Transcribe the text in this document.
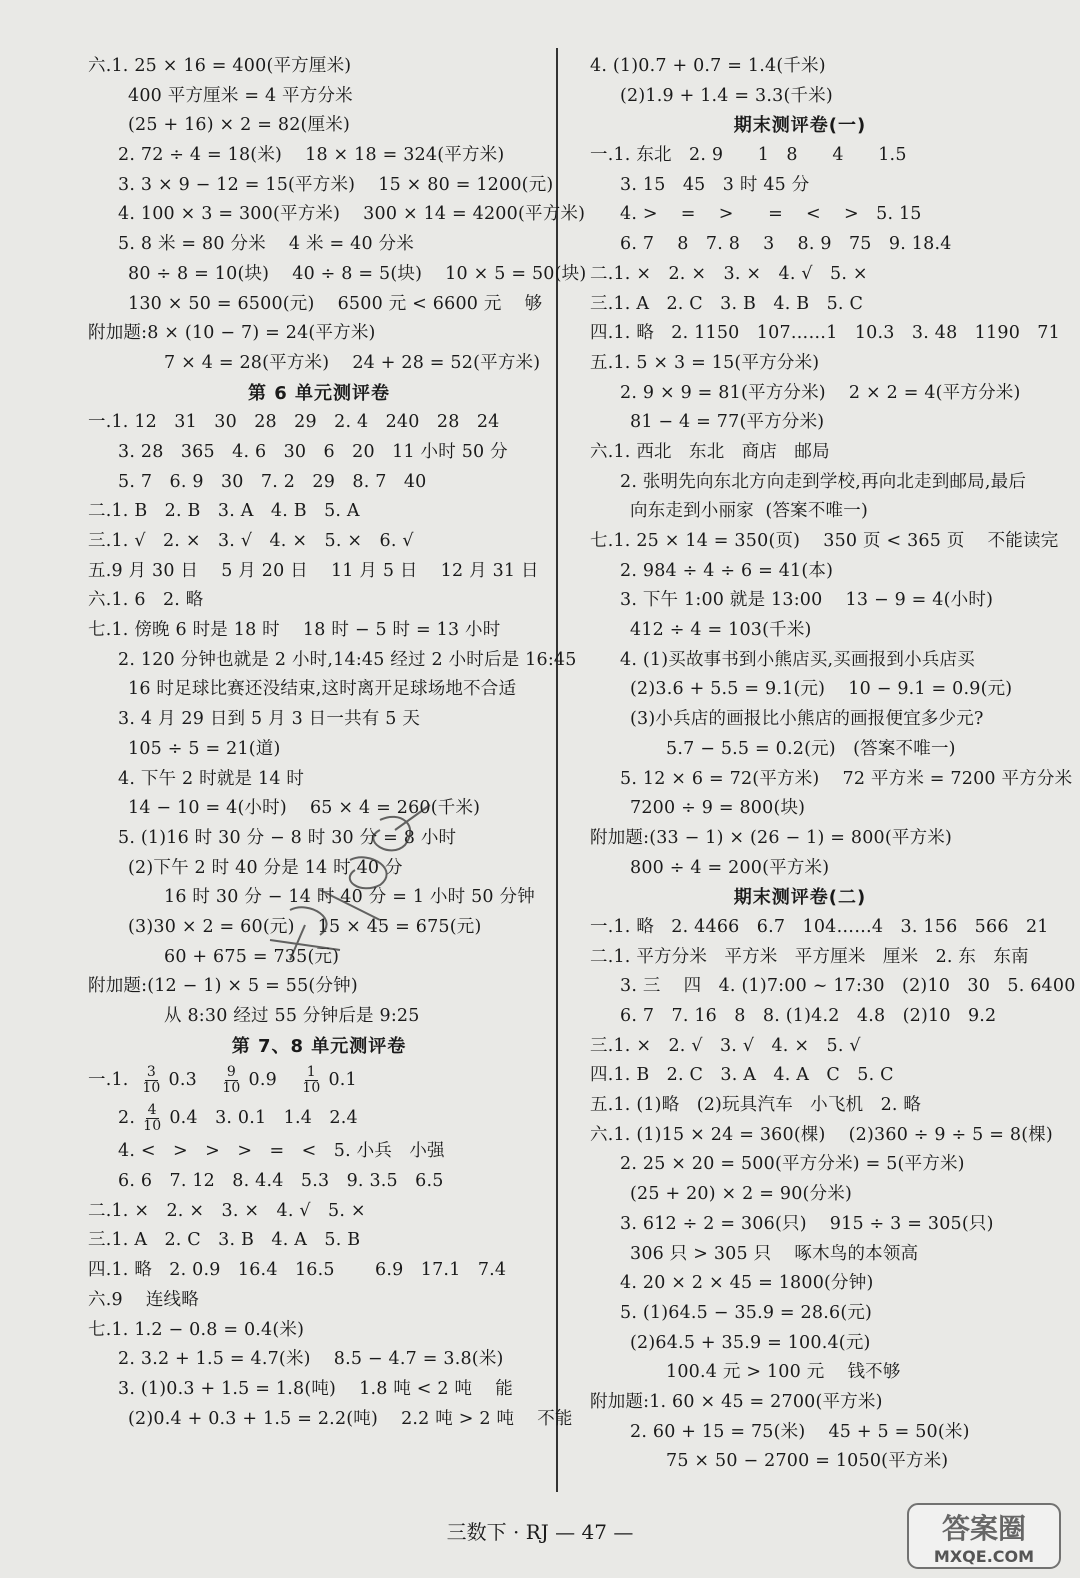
六.1. 25 × 16 = 400(平方厘米)
400 平方厘米 = 4 平方分米
(25 + 16) × 2 = 82(厘米)
2. 72 ÷ 4 = 18(米)    18 × 18 = 324(平方米)
3. 3 × 9 − 12 = 15(平方米)    15 × 80 = 1200(元)
4. 100 × 3 = 300(平方米)    300 × 14 = 4200(平方米)
5. 8 米 = 80 分米    4 米 = 40 分米
80 ÷ 8 = 10(块)    40 ÷ 8 = 5(块)    10 × 5 = 50(块)
130 × 50 = 6500(元)    6500 元 < 6600 元    够
附加题:8 × (10 − 7) = 24(平方米)
7 × 4 = 28(平方米)    24 + 28 = 52(平方米)
第 6 单元测评卷
一.1. 12   31   30   28   29   2. 4   240   28   24
3. 28   365   4. 6   30   6   20   11 小时 50 分
5. 7   6. 9   30   7. 2   29   8. 7   40
二.1. B   2. B   3. A   4. B   5. A
三.1. √   2. ×   3. √   4. ×   5. ×   6. √
五.9 月 30 日    5 月 20 日    11 月 5 日    12 月 31 日
六.1. 6   2. 略
七.1. 傍晚 6 时是 18 时    18 时 − 5 时 = 13 小时
2. 120 分钟也就是 2 小时,14:45 经过 2 小时后是 16:45
16 时足球比赛还没结束,这时离开足球场地不合适
3. 4 月 29 日到 5 月 3 日一共有 5 天
105 ÷ 5 = 21(道)
4. 下午 2 时就是 14 时
14 − 10 = 4(小时)    65 × 4 = 260(千米)
5. (1)16 时 30 分 − 8 时 30 分 = 8 小时
(2)下午 2 时 40 分是 14 时 40 分
16 时 30 分 − 14 时 40 分 = 1 小时 50 分钟
(3)30 × 2 = 60(元)    15 × 45 = 675(元)
60 + 675 = 735(元)
附加题:(12 − 1) × 5 = 55(分钟)
从 8:30 经过 55 分钟后是 9:25
第 7、8 单元测评卷
一.1. $\frac{3}{10} 0.3 \frac{9}{10} 0.9 \frac{1}{10} 0.1$
2. $\frac{4}{10} 0.4$ 3. 0.1   1.4   2.4
4. <   >   >   >   =   <   5. 小兵   小强
6. 6   7. 12   8. 4.4   5.3   9. 3.5   6.5
二.1. ×   2. ×   3. ×   4. √   5. ×
三.1. A   2. C   3. B   4. A   5. B
四.1. 略   2. 0.9   16.4   16.5       6.9   17.1   7.4
六.9    连线略
七.1. 1.2 − 0.8 = 0.4(米)
2. 3.2 + 1.5 = 4.7(米)    8.5 − 4.7 = 3.8(米)
3. (1)0.3 + 1.5 = 1.8(吨)    1.8 吨 < 2 吨    能
(2)0.4 + 0.3 + 1.5 = 2.2(吨)    2.2 吨 > 2 吨    不能
4. (1)0.7 + 0.7 = 1.4(千米)
(2)1.9 + 1.4 = 3.3(千米)
期末测评卷(一)
一.1. 东北   2. 9      1   8      4      1.5
3. 15   45   3 时 45 分
4. >    =    >      =    <    >   5. 15
6. 7    8   7. 8    3    8. 9   75   9. 18.4
二.1. ×   2. ×   3. ×   4. √   5. ×
三.1. A   2. C   3. B   4. B   5. C
四.1. 略   2. 1150   107……1   10.3   3. 48   1190   71
五.1. 5 × 3 = 15(平方分米)
2. 9 × 9 = 81(平方分米)    2 × 2 = 4(平方分米)
81 − 4 = 77(平方分米)
六.1. 西北   东北   商店   邮局
2. 张明先向东北方向走到学校,再向北走到邮局,最后
向东走到小丽家  (答案不唯一)
七.1. 25 × 14 = 350(页)    350 页 < 365 页    不能读完
2. 984 ÷ 4 ÷ 6 = 41(本)
3. 下午 1:00 就是 13:00    13 − 9 = 4(小时)
412 ÷ 4 = 103(千米)
4. (1)买故事书到小熊店买,买画报到小兵店买
(2)3.6 + 5.5 = 9.1(元)    10 − 9.1 = 0.9(元)
(3)小兵店的画报比小熊店的画报便宜多少元?
5.7 − 5.5 = 0.2(元)   (答案不唯一)
5. 12 × 6 = 72(平方米)    72 平方米 = 7200 平方分米
7200 ÷ 9 = 800(块)
附加题:(33 − 1) × (26 − 1) = 800(平方米)
800 ÷ 4 = 200(平方米)
期末测评卷(二)
一.1. 略   2. 4466   6.7   104……4   3. 156   566   21
二.1. 平方分米   平方米   平方厘米   厘米   2. 东   东南
3. 三    四   4. (1)7:00 ~ 17:30   (2)10   30   5. 6400
6. 7   7. 16   8   8. (1)4.2   4.8   (2)10   9.2
三.1. ×   2. √   3. √   4. ×   5. √
四.1. B   2. C   3. A   4. A   C   5. C
五.1. (1)略   (2)玩具汽车   小飞机   2. 略
六.1. (1)15 × 24 = 360(棵)    (2)360 ÷ 9 ÷ 5 = 8(棵)
2. 25 × 20 = 500(平方分米) = 5(平方米)
(25 + 20) × 2 = 90(分米)
3. 612 ÷ 2 = 306(只)    915 ÷ 3 = 305(只)
306 只 > 305 只    啄木鸟的本领高
4. 20 × 2 × 45 = 1800(分钟)
5. (1)64.5 − 35.9 = 28.6(元)
(2)64.5 + 35.9 = 100.4(元)
100.4 元 > 100 元    钱不够
附加题:1. 60 × 45 = 2700(平方米)
2. 60 + 15 = 75(米)    45 + 5 = 50(米)
75 × 50 − 2700 = 1050(平方米)
三数下 · RJ — 47 —	答案圈
MXQE.COM
